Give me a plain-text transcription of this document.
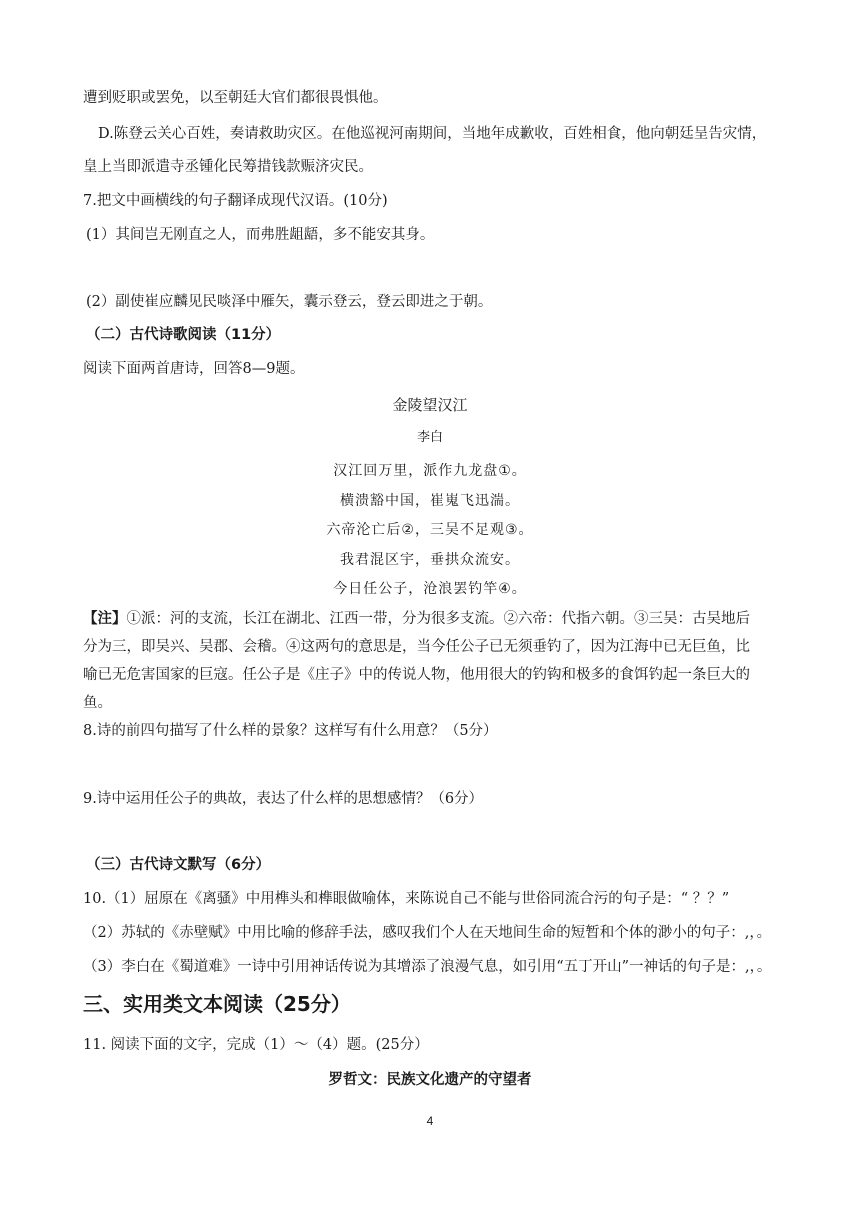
遭到贬职或罢免，以至朝廷大官们都很畏惧他。
D.陈登云关心百姓，奏请救助灾区。在他巡视河南期间，当地年成歉收，百姓相食，他向朝廷呈告灾情，
皇上当即派遣寺丞锺化民筹措钱款赈济灾民。
7.把文中画横线的句子翻译成现代汉语。(10分)
(1）其间岂无刚直之人，而弗胜龃龉，多不能安其身。
(2）副使崔应麟见民啖泽中雁矢，囊示登云，登云即进之于朝。
（二）古代诗歌阅读（11分）
阅读下面两首唐诗，回答8—9题。
金陵望汉江
李白
汉江回万里，派作九龙盘①。
横溃豁中国，崔嵬飞迅湍。
六帝沦亡后②，三吴不足观③。
我君混区宇，垂拱众流安。
今日任公子，沧浪罢钓竿④。
【注】①派：河的支流，长江在湖北、江西一带，分为很多支流。②六帝：代指六朝。③三吴：古吴地后
分为三，即吴兴、吴郡、会稽。④这两句的意思是，当今任公子已无须垂钓了，因为江海中已无巨鱼，比
喻已无危害国家的巨寇。任公子是《庄子》中的传说人物，他用很大的钓钩和极多的食饵钓起一条巨大的
鱼。
8.诗的前四句描写了什么样的景象？这样写有什么用意？（5分）
9.诗中运用任公子的典故，表达了什么样的思想感情？（6分）
（三）古代诗文默写（6分）
10.（1）屈原在《离骚》中用榫头和榫眼做喻体，来陈说自己不能与世俗同流合污的句子是：“ ？？”
（2）苏轼的《赤壁赋》中用比喻的修辞手法，感叹我们个人在天地间生命的短暂和个体的渺小的句子：,，。
（3）李白在《蜀道难》一诗中引用神话传说为其增添了浪漫气息，如引用“五丁开山”一神话的句子是：,，。
三、实用类文本阅读（25分）
11. 阅读下面的文字，完成（1）～（4）题。(25分）
罗哲文：民族文化遗产的守望者
4
